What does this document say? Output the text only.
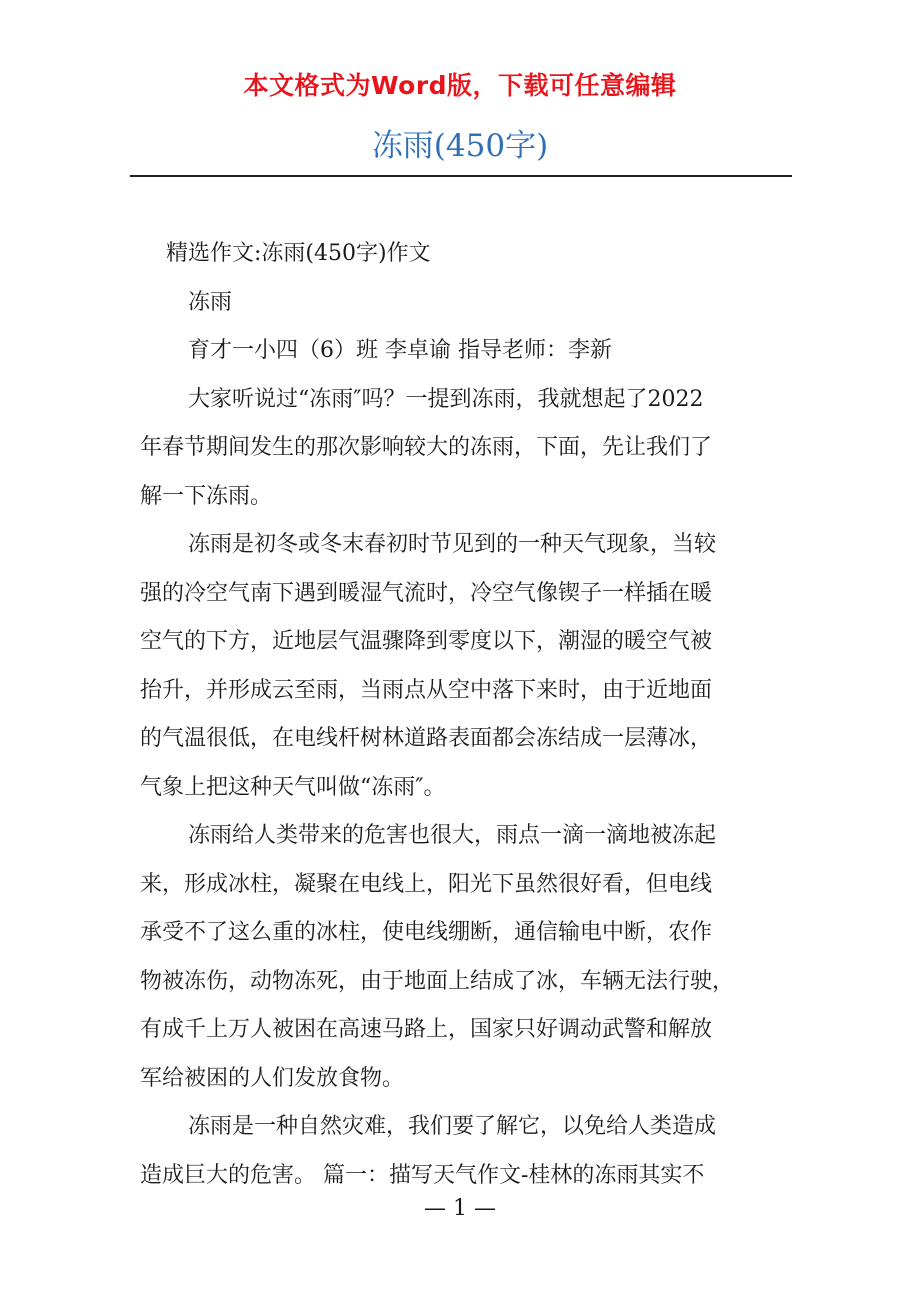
本文格式为Word版，下载可任意编辑
冻雨(450字)
精选作文:冻雨(450字)作文
冻雨
育才一小四（6）班 李卓谕 指导老师：李新
大家听说过“冻雨″吗？一提到冻雨，我就想起了2022
年春节期间发生的那次影响较大的冻雨，下面，先让我们了
解一下冻雨。
冻雨是初冬或冬末春初时节见到的一种天气现象，当较
强的冷空气南下遇到暖湿气流时，冷空气像锲子一样插在暖
空气的下方，近地层气温骤降到零度以下，潮湿的暖空气被
抬升，并形成云至雨，当雨点从空中落下来时，由于近地面
的气温很低，在电线杆树林道路表面都会冻结成一层薄冰，
气象上把这种天气叫做“冻雨″。
冻雨给人类带来的危害也很大，雨点一滴一滴地被冻起
来，形成冰柱，凝聚在电线上，阳光下虽然很好看，但电线
承受不了这么重的冰柱，使电线绷断，通信输电中断，农作
物被冻伤，动物冻死，由于地面上结成了冰，车辆无法行驶，
有成千上万人被困在高速马路上，国家只好调动武警和解放
军给被困的人们发放食物。
冻雨是一种自然灾难，我们要了解它，以免给人类造成
造成巨大的危害。 篇一：描写天气作文-桂林的冻雨其实不
— 1 —
